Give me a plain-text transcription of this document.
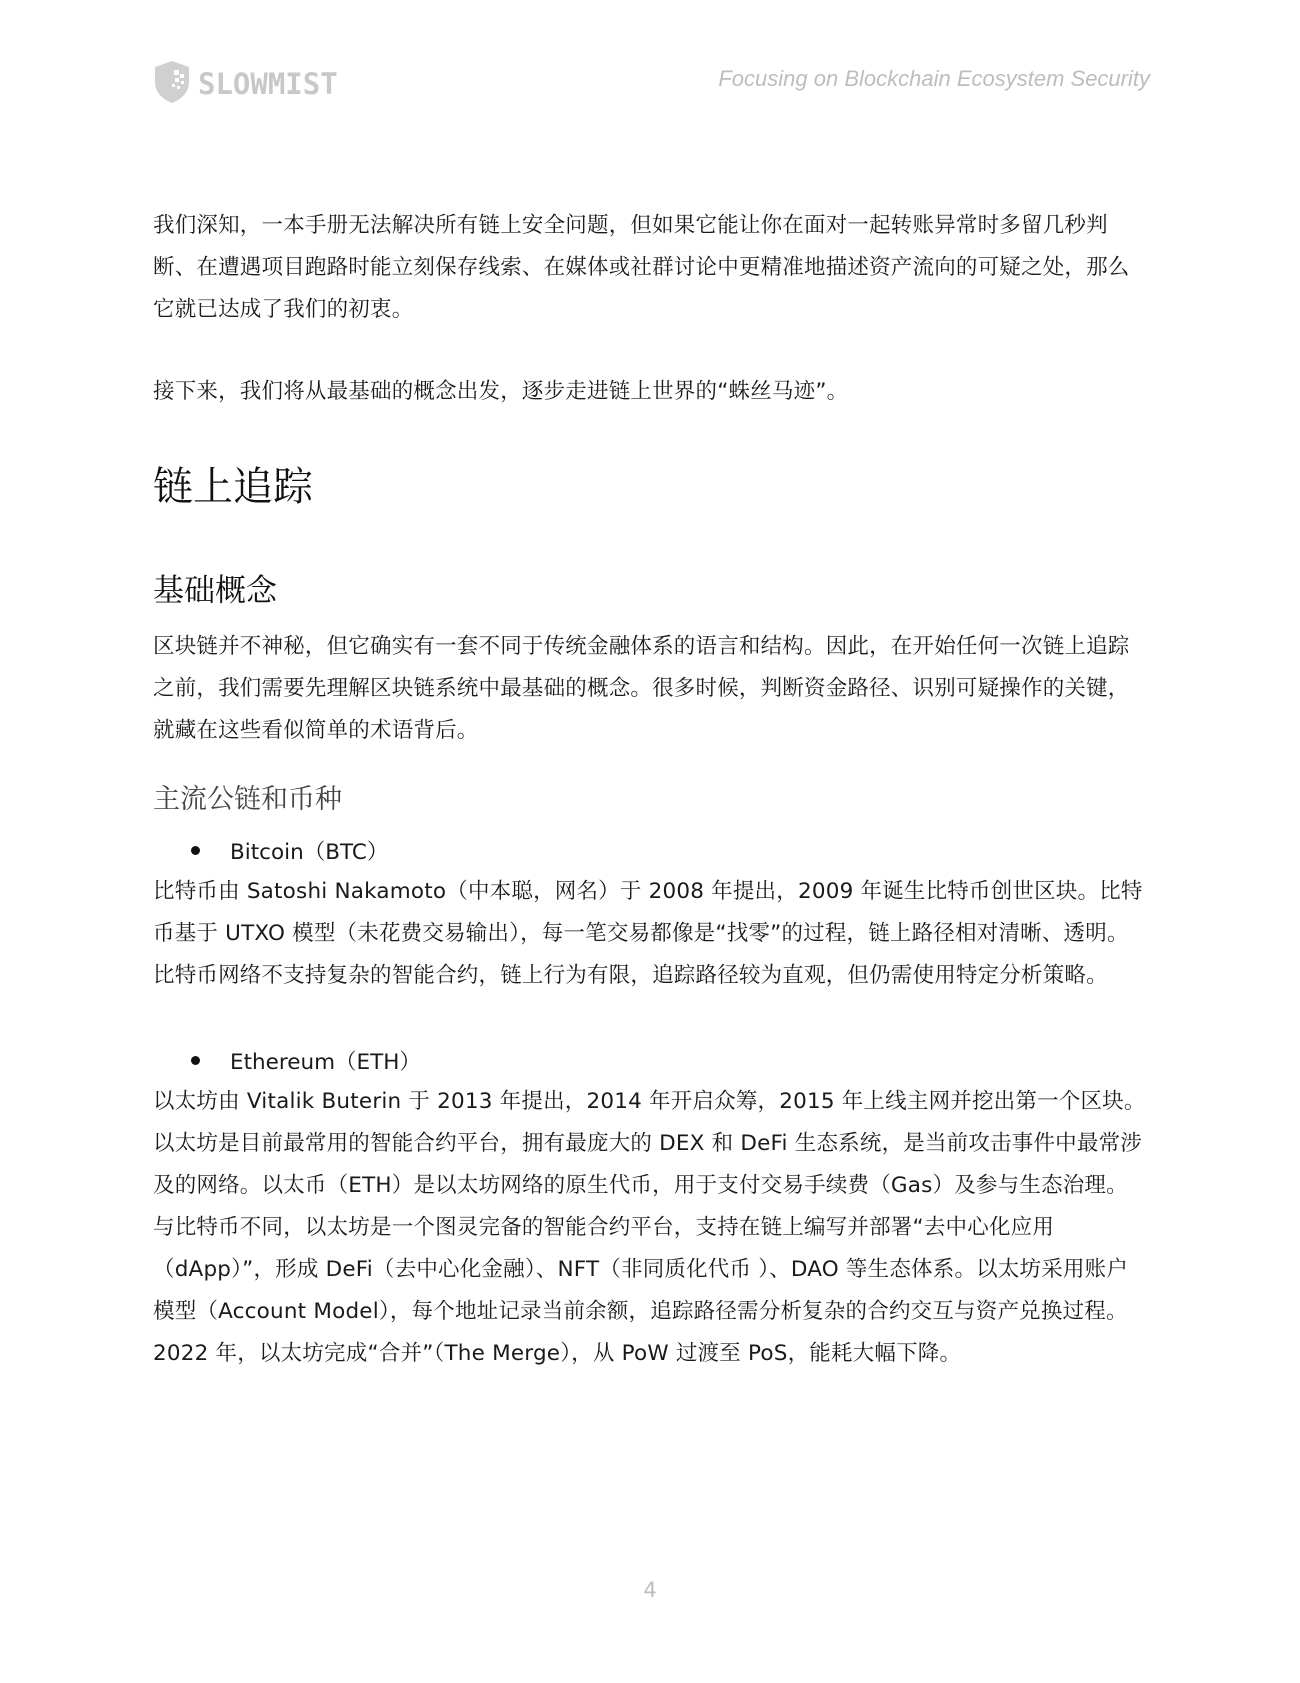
SLOWMIST	Focusing on Blockchain Ecosystem Security

我们深知，一本手册无法解决所有链上安全问题，但如果它能让你在面对一起转账异常时多留几秒判断、在遭遇项目跑路时能立刻保存线索、在媒体或社群讨论中更精准地描述资产流向的可疑之处，那么它就已达成了我们的初衷。

接下来，我们将从最基础的概念出发，逐步走进链上世界的“蛛丝马迹”。

链上追踪
基础概念

区块链并不神秘，但它确实有一套不同于传统金融体系的语言和结构。因此，在开始任何一次链上追踪之前，我们需要先理解区块链系统中最基础的概念。很多时候，判断资金路径、识别可疑操作的关键，就藏在这些看似简单的术语背后。

主流公链和币种
Bitcoin（BTC）

比特币由 Satoshi Nakamoto（中本聪，网名）于 2008 年提出，2009 年诞生比特币创世区块。比特币基于 UTXO 模型（未花费交易输出），每一笔交易都像是“找零”的过程，链上路径相对清晰、透明。比特币网络不支持复杂的智能合约，链上行为有限，追踪路径较为直观，但仍需使用特定分析策略。

Ethereum（ETH）

以太坊由 Vitalik Buterin 于 2013 年提出，2014 年开启众筹，2015 年上线主网并挖出第一个区块。以太坊是目前最常用的智能合约平台，拥有最庞大的 DEX 和 DeFi 生态系统，是当前攻击事件中最常涉及的网络。以太币（ETH）是以太坊网络的原生代币，用于支付交易手续费（Gas）及参与生态治理。与比特币不同，以太坊是一个图灵完备的智能合约平台，支持在链上编写并部署“去中心化应用（dApp）”，形成 DeFi（去中心化金融）、NFT（非同质化代币 ）、DAO 等生态体系。以太坊采用账户模型（Account Model），每个地址记录当前余额，追踪路径需分析复杂的合约交互与资产兑换过程。2022 年，以太坊完成“合并”（The Merge），从 PoW 过渡至 PoS，能耗大幅下降。

4
